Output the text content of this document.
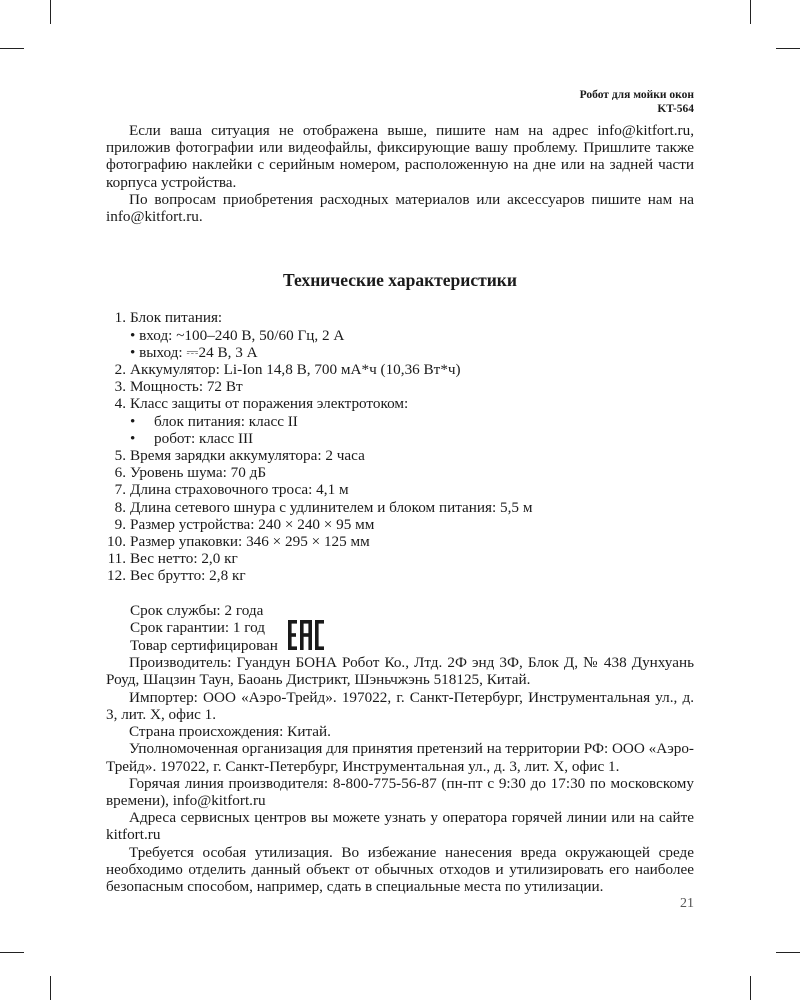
Робот для мойки окон
KT-564

Если ваша ситуация не отображена выше, пишите нам на адрес info@kitfort.ru, приложив фотографии или видеофайлы, фиксирующие вашу проблему. Пришлите также фотографию наклейки с серийным номером, расположенную на дне или на задней части корпуса устройства.

По вопросам приобретения расходных материалов или аксессуаров пишите нам на info@kitfort.ru.

Технические характеристики
1. Блок питания:
• вход: ~100–240 В, 50/60 Гц, 2 А
• выход: ⎓24 В, 3 А
2. Аккумулятор: Li-Ion 14,8 В, 700 мА*ч (10,36 Вт*ч)
3. Мощность: 72 Вт
4. Класс защиты от поражения электротоком:
•	блок питания: класс II
•	робот: класс III
5. Время зарядки аккумулятора: 2 часа
6. Уровень шума: 70 дБ
7. Длина страховочного троса: 4,1 м
8. Длина сетевого шнура с удлинителем и блоком питания: 5,5 м
9. Размер устройства: 240 × 240 × 95 мм
10. Размер упаковки: 346 × 295 × 125 мм
11. Вес нетто: 2,0 кг
12. Вес брутто: 2,8 кг
Срок службы: 2 года
Срок гарантии: 1 год
Товар сертифицирован

Производитель: Гуандун БОНА Робот Ко., Лтд. 2Ф энд 3Ф, Блок Д, № 438 Дунхуань Роуд, Шацзин Таун, Баоань Дистрикт, Шэньчжэнь 518125, Китай.

Импортер: ООО «Аэро-Трейд». 197022, г. Санкт-Петербург, Инструментальная ул., д. 3, лит. Х, офис 1.

Страна происхождения: Китай.

Уполномоченная организация для принятия претензий на территории РФ: ООО «Аэро-Трейд». 197022, г. Санкт-Петербург, Инструментальная ул., д. 3, лит. Х, офис 1.

Горячая линия производителя: 8-800-775-56-87 (пн-пт с 9:30 до 17:30 по московскому времени), info@kitfort.ru

Адреса сервисных центров вы можете узнать у оператора горячей линии или на сайте kitfort.ru

Требуется особая утилизация. Во избежание нанесения вреда окружающей среде необходимо отделить данный объект от обычных отходов и утилизировать его наиболее безопасным способом, например, сдать в специальные места по утилизации.

21
